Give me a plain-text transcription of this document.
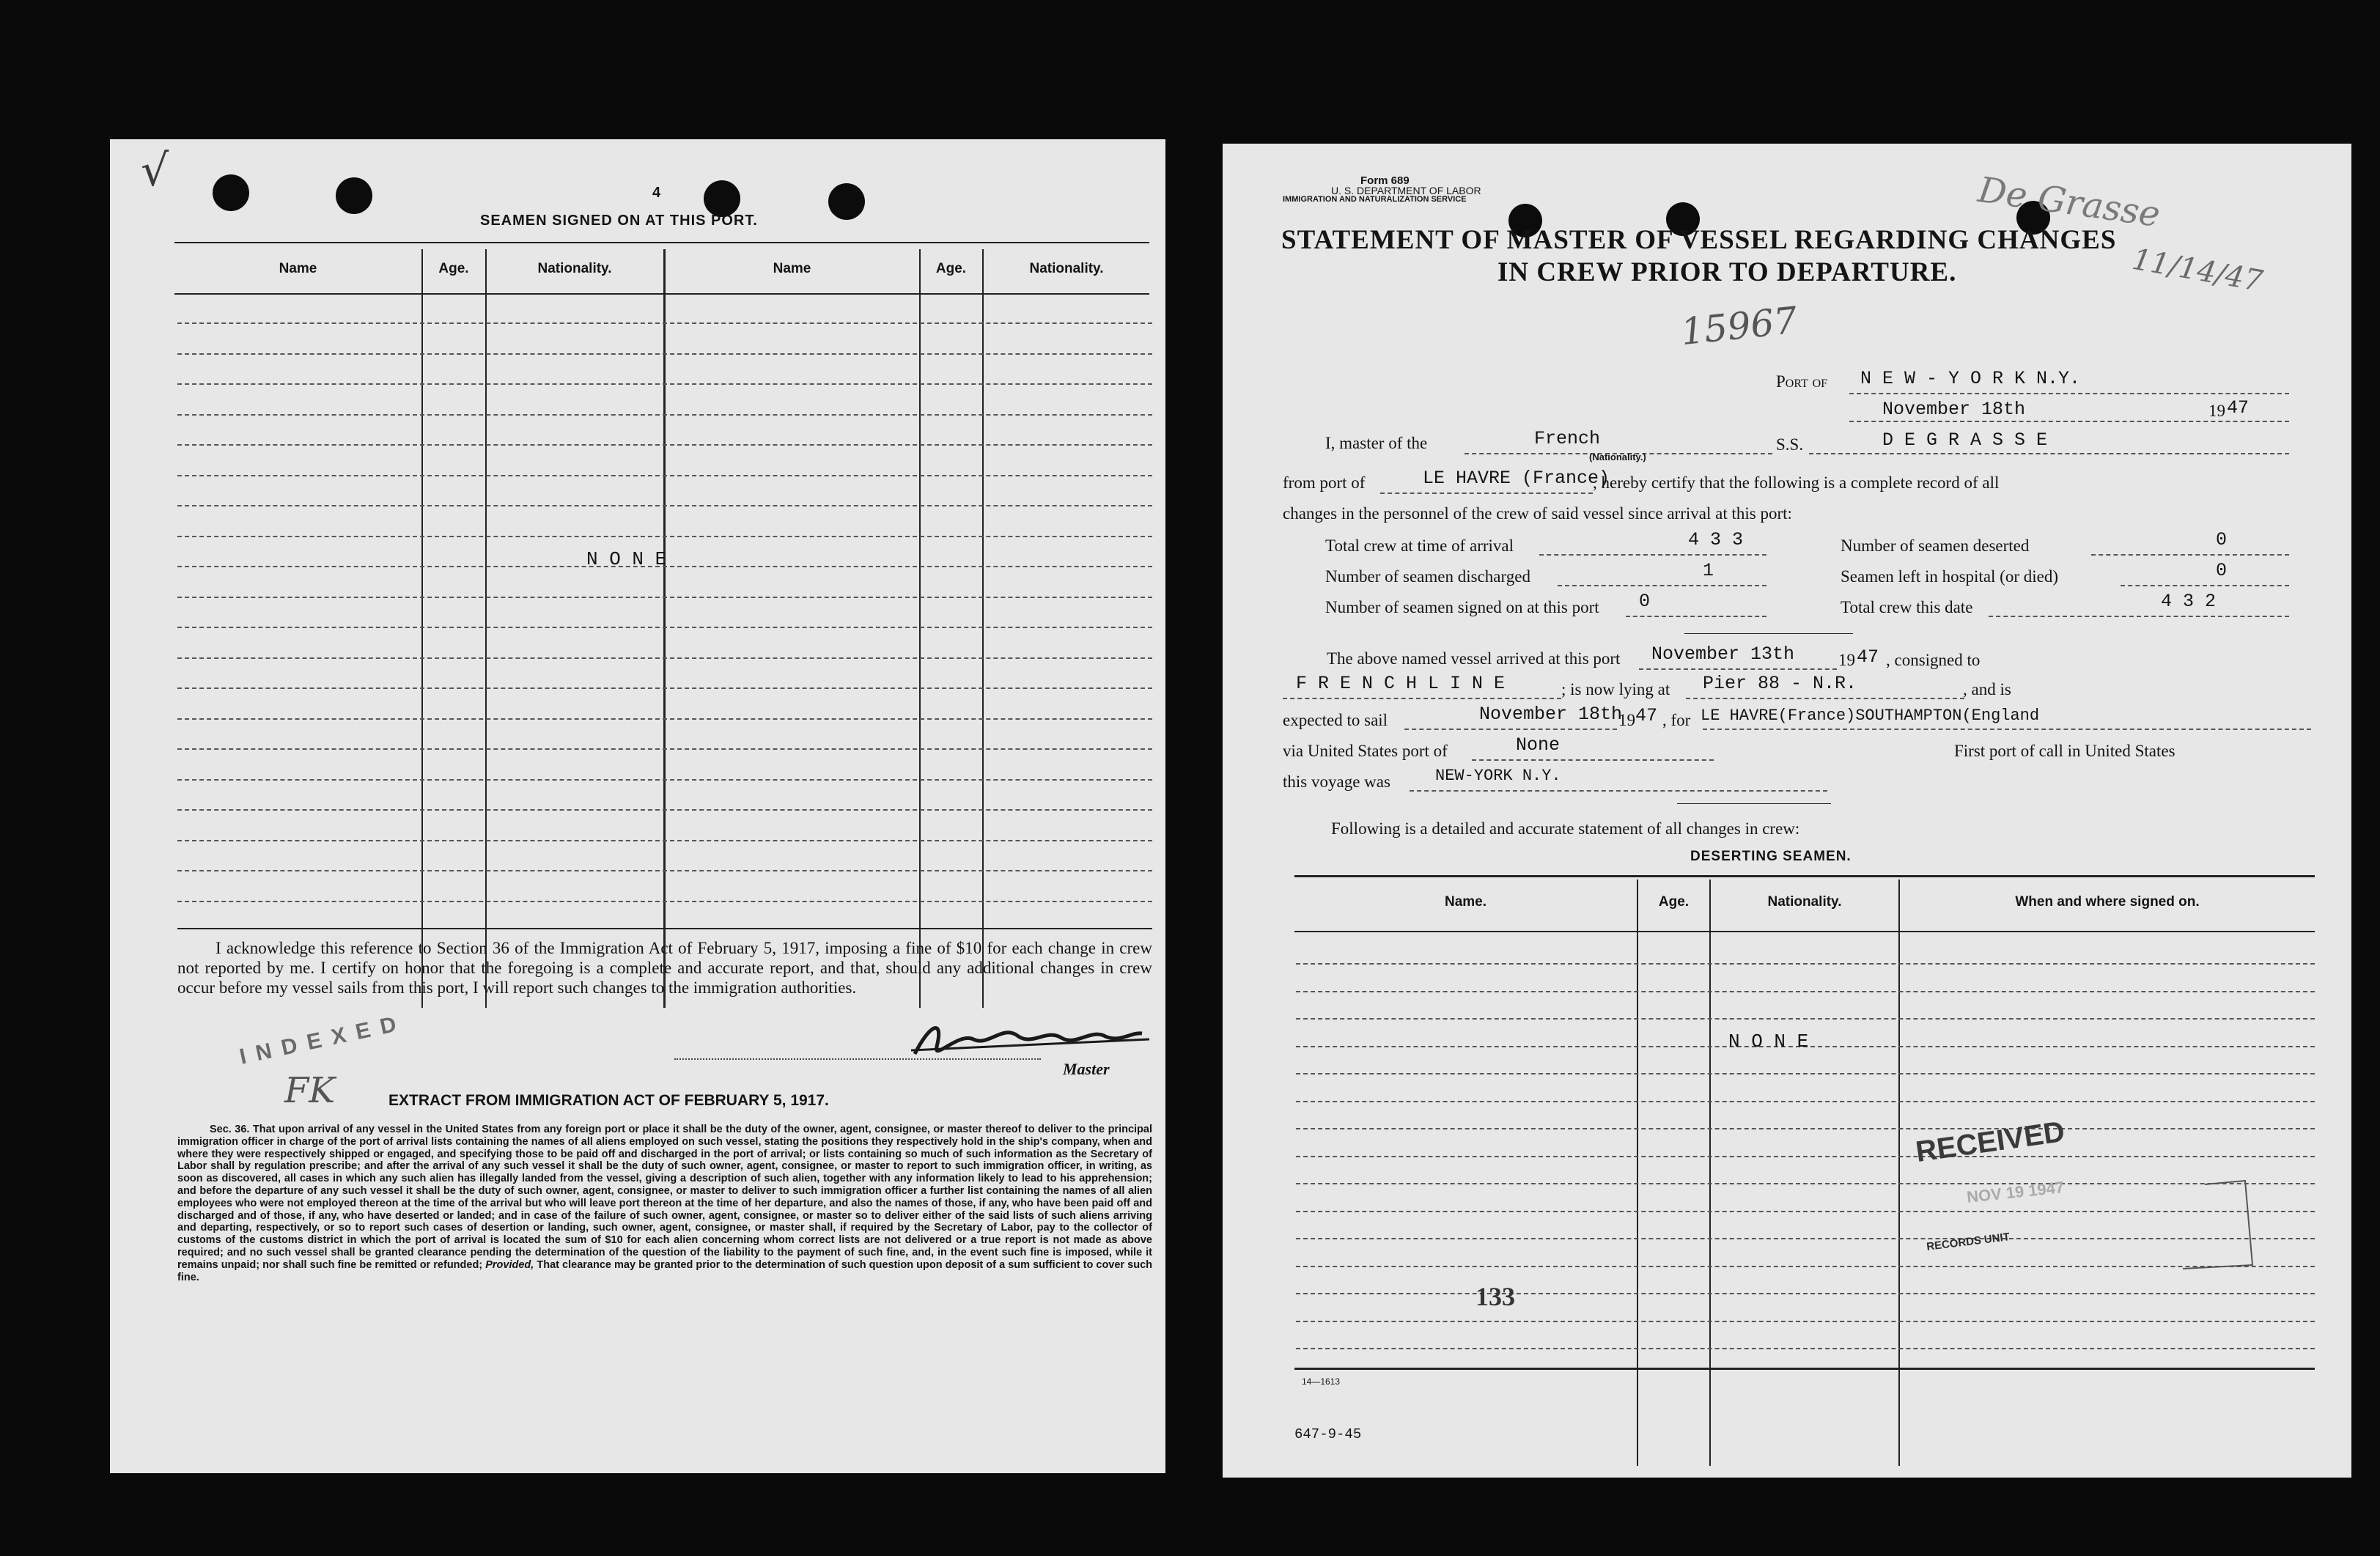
√	4
SEAMEN SIGNED ON AT THIS PORT.
Name	Age.	Nationality.	Name	Age.	Nationality.
N O N E
I acknowledge this reference to Section 36 of the Immigration Act of February 5, 1917, imposing a fine of $10 for each change in crew not reported by me. I certify on honor that the foregoing is a complete and accurate report, and that, should any additional changes in crew occur before my vessel sails from this port, I will report such changes to the immigration authorities.
Master
INDEXED
FK	EXTRACT FROM IMMIGRATION ACT OF FEBRUARY 5, 1917.
Sec. 36. That upon arrival of any vessel in the United States from any foreign port or place it shall be the duty of the owner, agent, consignee, or master thereof to deliver to the principal immigration officer in charge of the port of arrival lists containing the names of all aliens employed on such vessel, stating the positions they respectively hold in the ship's company, when and where they were respectively shipped or engaged, and specifying those to be paid off and discharged in the port of arrival; or lists containing so much of such information as the Secretary of Labor shall by regulation prescribe; and after the arrival of any such vessel it shall be the duty of such owner, agent, consignee, or master to report to such immigration officer, in writing, as soon as discovered, all cases in which any such alien has illegally landed from the vessel, giving a description of such alien, together with any information likely to lead to his apprehension; and before the departure of any such vessel it shall be the duty of such owner, agent, consignee, or master to deliver to such immigration officer a further list containing the names of all alien employees who were not employed thereon at the time of the arrival but who will leave port thereon at the time of her departure, and also the names of those, if any, who have been paid off and discharged and of those, if any, who have deserted or landed; and in case of the failure of such owner, agent, consignee, or master so to deliver either of the said lists of such aliens arriving and departing, respectively, or so to report such cases of desertion or landing, such owner, agent, consignee, or master shall, if required by the Secretary of Labor, pay to the collector of customs of the customs district in which the port of arrival is located the sum of $10 for each alien concerning whom correct lists are not delivered or a true report is not made as above required; and no such vessel shall be granted clearance pending the determination of the question of the liability to the payment of such fine, and, in the event such fine is imposed, while it remains unpaid; nor shall such fine be remitted or refunded; Provided, That clearance may be granted prior to the determination of such question upon deposit of a sum sufficient to cover such fine.
Form 689
U. S. DEPARTMENT OF LABOR
IMMIGRATION AND NATURALIZATION SERVICE
STATEMENT OF MASTER OF VESSEL REGARDING CHANGES
IN CREW PRIOR TO DEPARTURE.
De Grasse
11/14/47
15967
Port of N E W - Y O R K N.Y.
November 18th	19 47
I, master of the	French
(Nationality.)
S.S.	D E G R A S S E
from port of	LE HAVRE (France)
, hereby certify that the following is a complete record of all
changes in the personnel of the crew of said vessel since arrival at this port:
Total crew at time of arrival	4 3 3	Number of seamen deserted	0
Number of seamen discharged	1	Seamen left in hospital (or died)	0
Number of seamen signed on at this port 0	Total crew this date	4 3 2
The above named vessel arrived at this port November 13th	19 47 , consigned to
F R E N C H L I N E	; is now lying at Pier 88 - N.R.	, and is
expected to sail	November 18th
19 47 , for LE HAVRE(France)SOUTHAMPTON(England
via United States port of	None	First port of call in United States
this voyage was	NEW-YORK N.Y.
Following is a detailed and accurate statement of all changes in crew:
DESERTING SEAMEN.
Name.	Age.	Nationality.	When and where signed on.
N O N E
RECEIVED
NOV 19 1947
RECORDS UNIT
133
14—1613
647-9-45
